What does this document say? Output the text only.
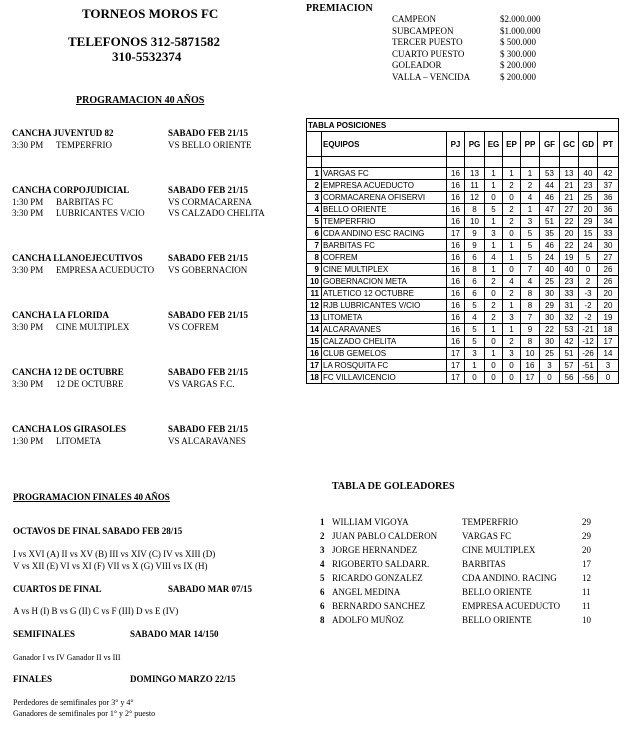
TORNEOS MOROS FC
TELEFONOS 312-5871582
310-5532374
PREMIACION
CAMPEON	$2.000.000
SUBCAMPEON	$1.000.000
TERCER PUESTO	$ 500.000
CUARTO PUESTO	$ 300.000
GOLEADOR	$ 200.000
VALLA – VENCIDA	$ 200.000
PROGRAMACION 40 AÑOS
CANCHA JUVENTUD 82	SABADO FEB 21/15
3:30 PM TEMPERFRIO	VS BELLO ORIENTE
CANCHA CORPOJUDICIAL	SABADO FEB 21/15
1:30 PM BARBITAS FC	VS CORMACARENA
3:30 PM LUBRICANTES V/CIO	VS CALZADO CHELITA
CANCHA LLANOEJECUTIVOS	SABADO FEB 21/15
3:30 PM EMPRESA ACUEDUCTO VS GOBERNACION
CANCHA LA FLORIDA	SABADO FEB 21/15
3:30 PM CINE MULTIPLEX	VS COFREM
CANCHA 12 DE OCTUBRE	SABADO FEB 21/15
3:30 PM 12 DE OCTUBRE	VS VARGAS F.C.
CANCHA LOS GIRASOLES	SABADO FEB 21/15
1:30 PM LITOMETA	VS ALCARAVANES
TABLA POSICIONES										
	EQUIPOS	PJ	PG	EG	EP	PP	GF	GC	GD	PT

1	VARGAS FC	16	13	1	1	1	53	13	40	42
2	EMPRESA ACUEDUCTO	16	11	1	2	2	44	21	23	37
3	CORMACARENA OFISERVI	16	12	0	0	4	46	21	25	36
4	BELLO ORIENTE	16	8	5	2	1	47	27	20	36
5	TEMPERFRIO	16	10	1	2	3	51	22	29	34
6	CDA ANDINO ESC RACING	17	9	3	0	5	35	20	15	33
7	BARBITAS FC	16	9	1	1	5	46	22	24	30
8	COFREM	16	6	4	1	5	24	19	5	27
9	CINE MULTIPLEX	16	8	1	0	7	40	40	0	26
10	GOBERNACION META	16	6	2	4	4	25	23	2	26
11	ATLETICO 12 OCTUBRE	16	6	0	2	8	30	33	-3	20
12	RJB LUBRICANTES V/CIO	16	5	2	1	8	29	31	-2	20
13	LITOMETA	16	4	2	3	7	30	32	-2	19
14	ALCARAVANES	16	5	1	1	9	22	53	-21	18
15	CALZADO CHELITA	16	5	0	2	8	30	42	-12	17
16	CLUB GEMELOS	17	3	1	3	10	25	51	-26	14
17	LA ROSQUITA FC	17	1	0	0	16	3	57	-51	3
18	FC VILLAVICENCIO	17	0	0	0	17	0	56	-56	0
PROGRAMACION FINALES 40 AÑOS
OCTAVOS DE FINAL SABADO FEB 28/15
I vs XVI (A) II vs XV (B) III vs XIV (C) IV vs XIII (D)
V vs XII (E) VI vs XI (F) VII vs X (G) VIII vs IX (H)
CUARTOS DE FINAL	SABADO MAR 07/15
A vs H (I) B vs G (II) C vs F (III) D vs E (IV)
SEMIFINALES	SABADO MAR 14/150
Ganador I vs IV Ganador II vs III
FINALES	DOMINGO MARZO 22/15
Perdedores de semifinales por 3° y 4°
Ganadores de semifinales por 1° y 2° puesto
TABLA DE GOLEADORES
1 WILLIAM VIGOYA	TEMPERFRIO	29
2 JUAN PABLO CALDERON	VARGAS FC	29
3 JORGE HERNANDEZ	CINE MULTIPLEX	20
4 RIGOBERTO SALDARR.	BARBITAS	17
5 RICARDO GONZALEZ	CDA ANDINO. RACING	12
6 ANGEL MEDINA	BELLO ORIENTE	11
6 BERNARDO SANCHEZ	EMPRESA ACUEDUCTO 11
8 ADOLFO MUÑOZ	BELLO ORIENTE	10
